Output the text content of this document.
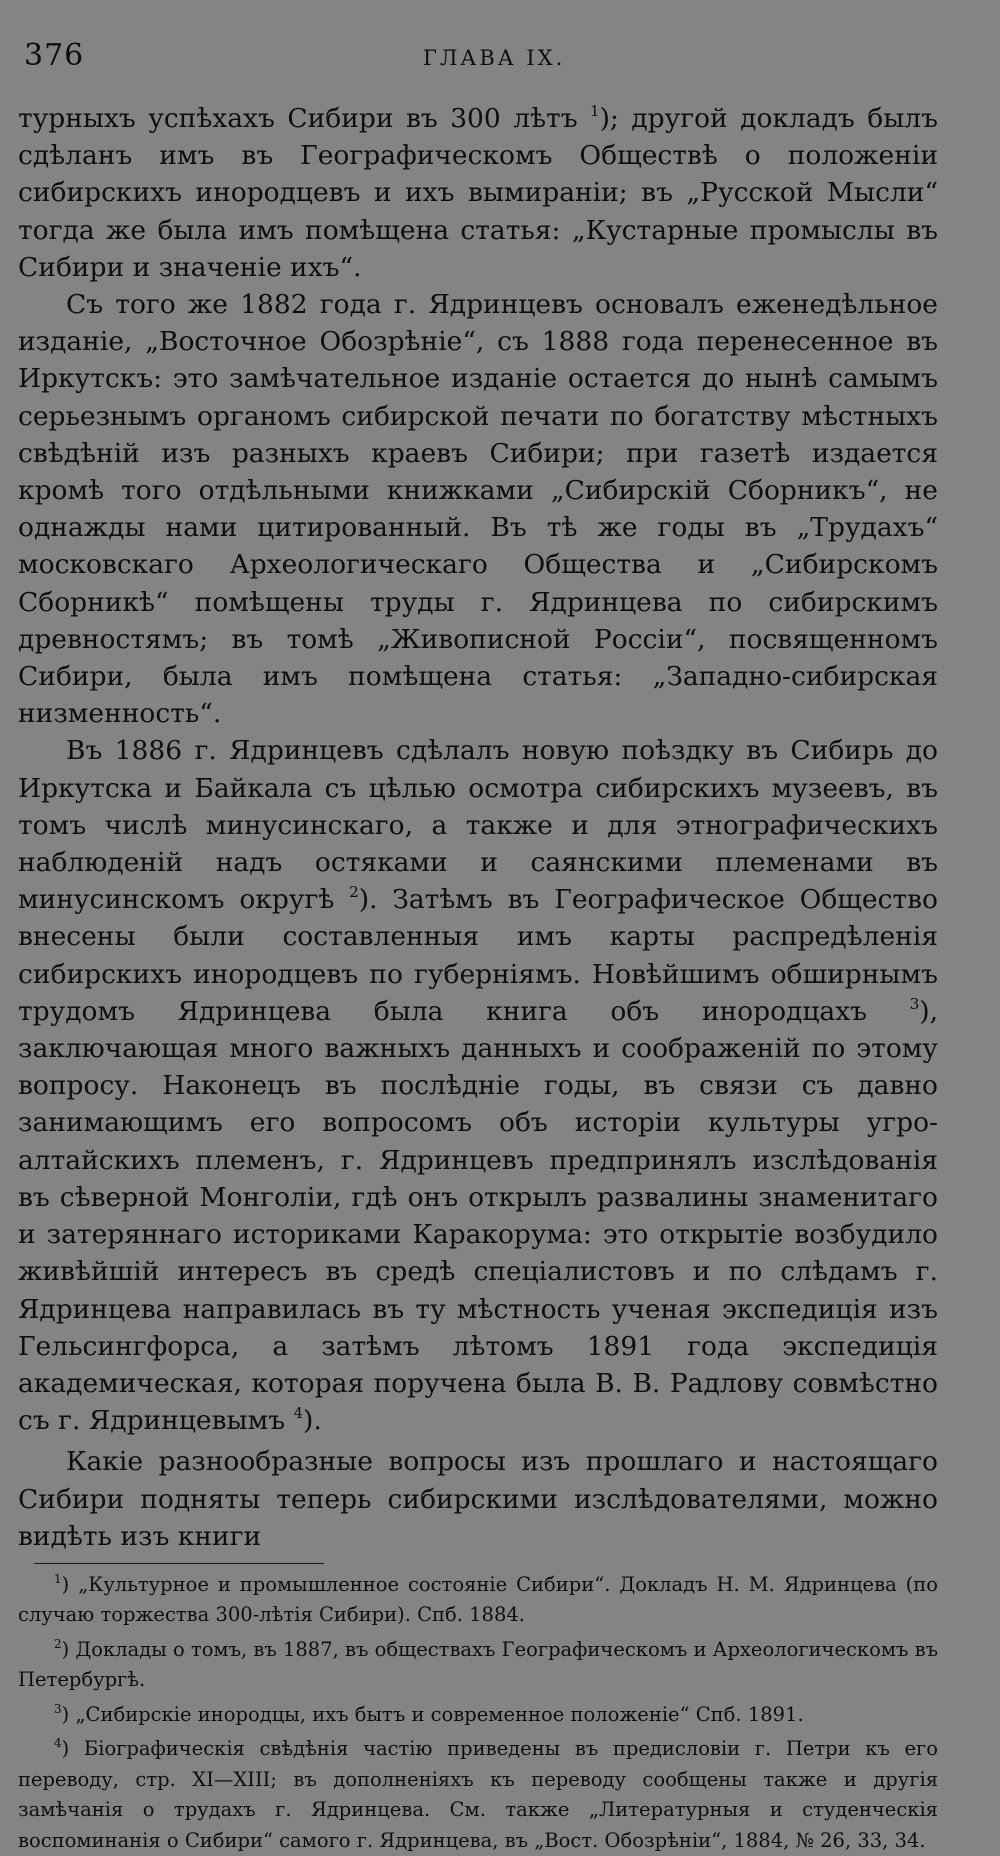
376	ГЛАВА IX.

турныхъ успѣхахъ Сибири въ 300 лѣтъ $^1$); другой докладъ былъ сдѣланъ имъ въ Географическомъ Обществѣ о положеніи сибирскихъ инородцевъ и ихъ вымираніи; въ „Русской Мысли“ тогда же была имъ помѣщена статья: „Кустарные промыслы въ Сибири и значеніе ихъ“.

Съ того же 1882 года г. Ядринцевъ основалъ еженедѣльное изданіе, „Восточное Обозрѣніе“, съ 1888 года перенесенное въ Иркутскъ: это замѣчательное изданіе остается до нынѣ самымъ серьезнымъ органомъ сибирской печати по богатству мѣстныхъ свѣдѣній изъ разныхъ краевъ Сибири; при газетѣ издается кромѣ того отдѣльными книжками „Сибирскій Сборникъ“, не однажды нами цитированный. Въ тѣ же годы въ „Трудахъ“ московскаго Археологическаго Общества и „Сибирскомъ Сборникѣ“ помѣщены труды г. Ядринцева по сибирскимъ древностямъ; въ томѣ „Живописной Россіи“, посвященномъ Сибири, была имъ помѣщена статья: „Западно-сибирская низменность“.

Въ 1886 г. Ядринцевъ сдѣлалъ новую поѣздку въ Сибирь до Иркутска и Байкала съ цѣлью осмотра сибирскихъ музеевъ, въ томъ числѣ минусинскаго, а также и для этнографическихъ наблюденій надъ остяками и саянскими племенами въ минусинскомъ округѣ $^2$). Затѣмъ въ Географическое Общество внесены были составленныя имъ карты распредѣленія сибирскихъ инородцевъ по губерніямъ. Новѣйшимъ обширнымъ трудомъ Ядринцева была книга объ инородцахъ $^3$), заключающая много важныхъ данныхъ и соображеній по этому вопросу. Наконецъ въ послѣдніе годы, въ связи съ давно занимающимъ его вопросомъ объ исторіи культуры угро-алтайскихъ племенъ, г. Ядринцевъ предпринялъ изслѣдованія въ сѣверной Монголіи, гдѣ онъ открылъ развалины знаменитаго и затеряннаго историками Каракорума: это открытіе возбудило живѣйшій интересъ въ средѣ спеціалистовъ и по слѣдамъ г. Ядринцева направилась въ ту мѣстность ученая экспедиція изъ Гельсингфорса, а затѣмъ лѣтомъ 1891 года экспедиція академическая, которая поручена была В. В. Радлову совмѣстно съ г. Ядринцевымъ $^4$).

Какіе разнообразные вопросы изъ прошлаго и настоящаго Сибири подняты теперь сибирскими изслѣдователями, можно видѣть изъ книги

$^1$) „Культурное и промышленное состояніе Сибири“. Докладъ Н. М. Ядринцева (по случаю торжества 300-лѣтія Сибири). Спб. 1884.

$^2$) Доклады о томъ, въ 1887, въ обществахъ Географическомъ и Археологическомъ въ Петербургѣ.

$^3$) „Сибирскіе инородцы, ихъ бытъ и современное положеніе“ Спб. 1891.

$^4$) Біографическія свѣдѣнія частію приведены въ предисловіи г. Петри къ его переводу, стр. XI—XIII; въ дополненіяхъ къ переводу сообщены также и другія замѣчанія о трудахъ г. Ядринцева. См. также „Литературныя и студенческія воспоминанія о Сибири“ самого г. Ядринцева, въ „Вост. Обозрѣніи“, 1884, № 26, 33, 34.
